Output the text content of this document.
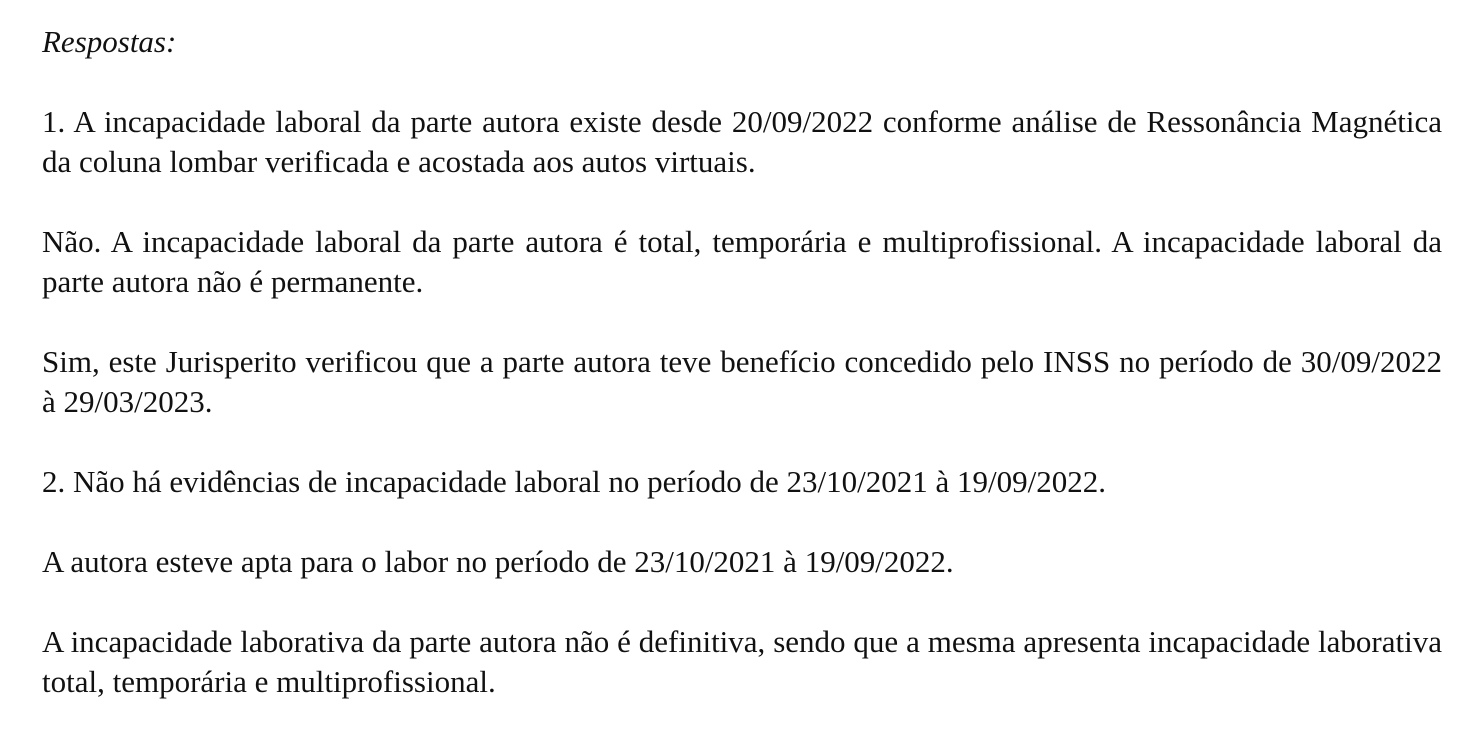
Respostas:

1. A incapacidade laboral da parte autora existe desde 20/09/2022 conforme análise de Ressonância Magnética da coluna lombar verificada e acostada aos autos virtuais.

Não. A incapacidade laboral da parte autora é total, temporária e multiprofissional. A incapacidade laboral da parte autora não é permanente.

Sim, este Jurisperito verificou que a parte autora teve benefício concedido pelo INSS no período de 30/09/2022 à 29/03/2023.

2. Não há evidências de incapacidade laboral no período de 23/10/2021 à 19/09/2022.

A autora esteve apta para o labor no período de 23/10/2021 à 19/09/2022.

A incapacidade laborativa da parte autora não é definitiva, sendo que a mesma apresenta incapacidade laborativa total, temporária e multiprofissional.
